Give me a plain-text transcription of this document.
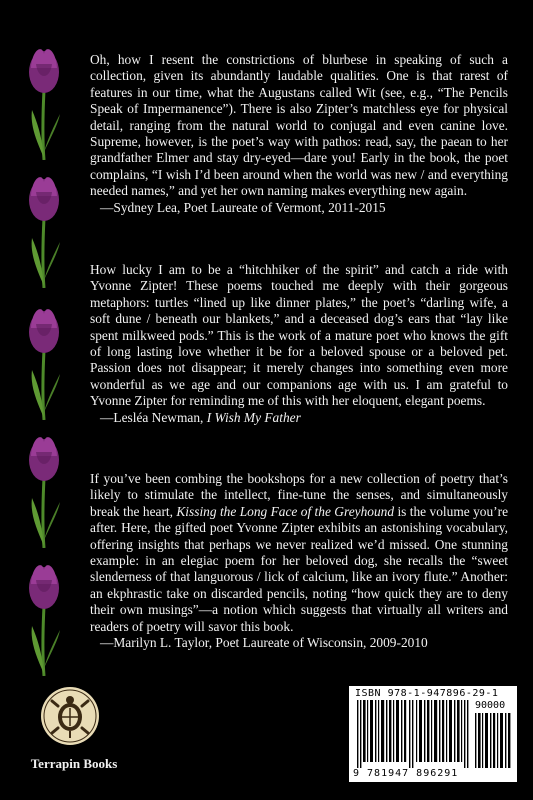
Oh, how I resent the constrictions of blurbese in speaking of such a collection, given its abundantly laudable qualities. One is that rarest of features in our time, what the Augustans called Wit (see, e.g., “The Pencils Speak of Impermanence”). There is also Zipter’s matchless eye for physical detail, ranging from the natural world to conjugal and even canine love. Supreme, however, is the poet’s way with pathos: read, say, the paean to her grandfather Elmer and stay dry-eyed—dare you! Early in the book, the poet complains, “I wish I’d been around when the world was new / and everything needed names,” and yet her own naming makes everything new again.

—Sydney Lea, Poet Laureate of Vermont, 2011-2015

How lucky I am to be a “hitchhiker of the spirit” and catch a ride with Yvonne Zipter! These poems touched me deeply with their gorgeous metaphors: turtles “lined up like dinner plates,” the poet’s “darling wife, a soft dune / beneath our blankets,” and a deceased dog’s ears that “lay like spent milkweed pods.” This is the work of a mature poet who knows the gift of long lasting love whether it be for a beloved spouse or a beloved pet. Passion does not disappear; it merely changes into something even more wonderful as we age and our companions age with us. I am grateful to Yvonne Zipter for reminding me of this with her eloquent, elegant poems.

—Lesléa Newman, I Wish My Father

If you’ve been combing the bookshops for a new collection of poetry that’s likely to stimulate the intellect, fine-tune the senses, and simultaneously break the heart, Kissing the Long Face of the Greyhound is the volume you’re after. Here, the gifted poet Yvonne Zipter exhibits an astonishing vocabulary, offering insights that perhaps we never realized we’d missed. One stunning example: in an elegiac poem for her beloved dog, she recalls the “sweet slenderness of that languorous / lick of calcium, like an ivory flute.” Another: an ekphrastic take on discarded pencils, noting “how quick they are to deny their own musings”—a notion which suggests that virtually all writers and readers of poetry will savor this book.

—Marilyn L. Taylor, Poet Laureate of Wisconsin, 2009-2010
Terrapin Books
ISBN 978-1-947896-29-1
90000
9 781947 896291
